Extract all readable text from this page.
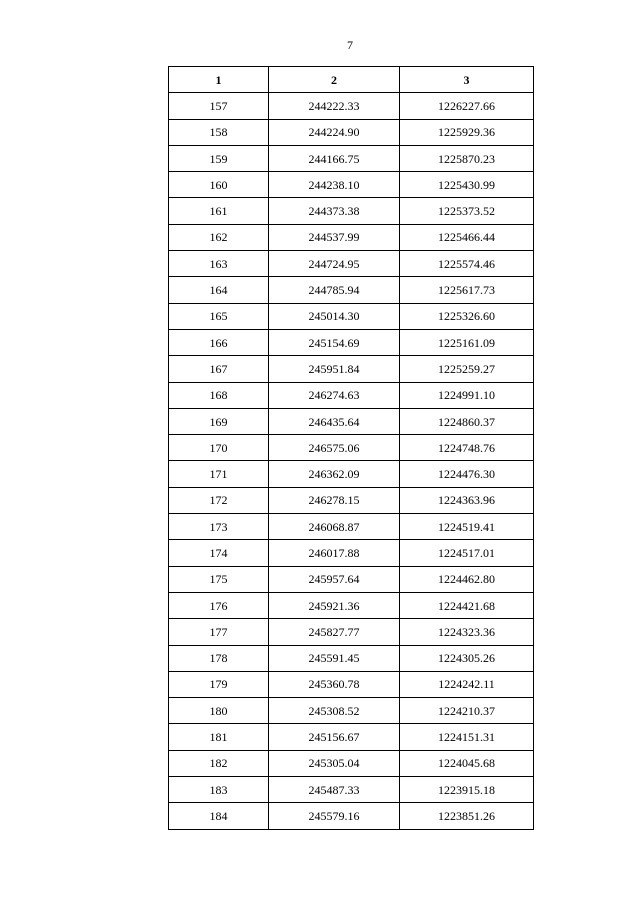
7
1	2	3
157	244222.33	1226227.66
158	244224.90	1225929.36
159	244166.75	1225870.23
160	244238.10	1225430.99
161	244373.38	1225373.52
162	244537.99	1225466.44
163	244724.95	1225574.46
164	244785.94	1225617.73
165	245014.30	1225326.60
166	245154.69	1225161.09
167	245951.84	1225259.27
168	246274.63	1224991.10
169	246435.64	1224860.37
170	246575.06	1224748.76
171	246362.09	1224476.30
172	246278.15	1224363.96
173	246068.87	1224519.41
174	246017.88	1224517.01
175	245957.64	1224462.80
176	245921.36	1224421.68
177	245827.77	1224323.36
178	245591.45	1224305.26
179	245360.78	1224242.11
180	245308.52	1224210.37
181	245156.67	1224151.31
182	245305.04	1224045.68
183	245487.33	1223915.18
184	245579.16	1223851.26
